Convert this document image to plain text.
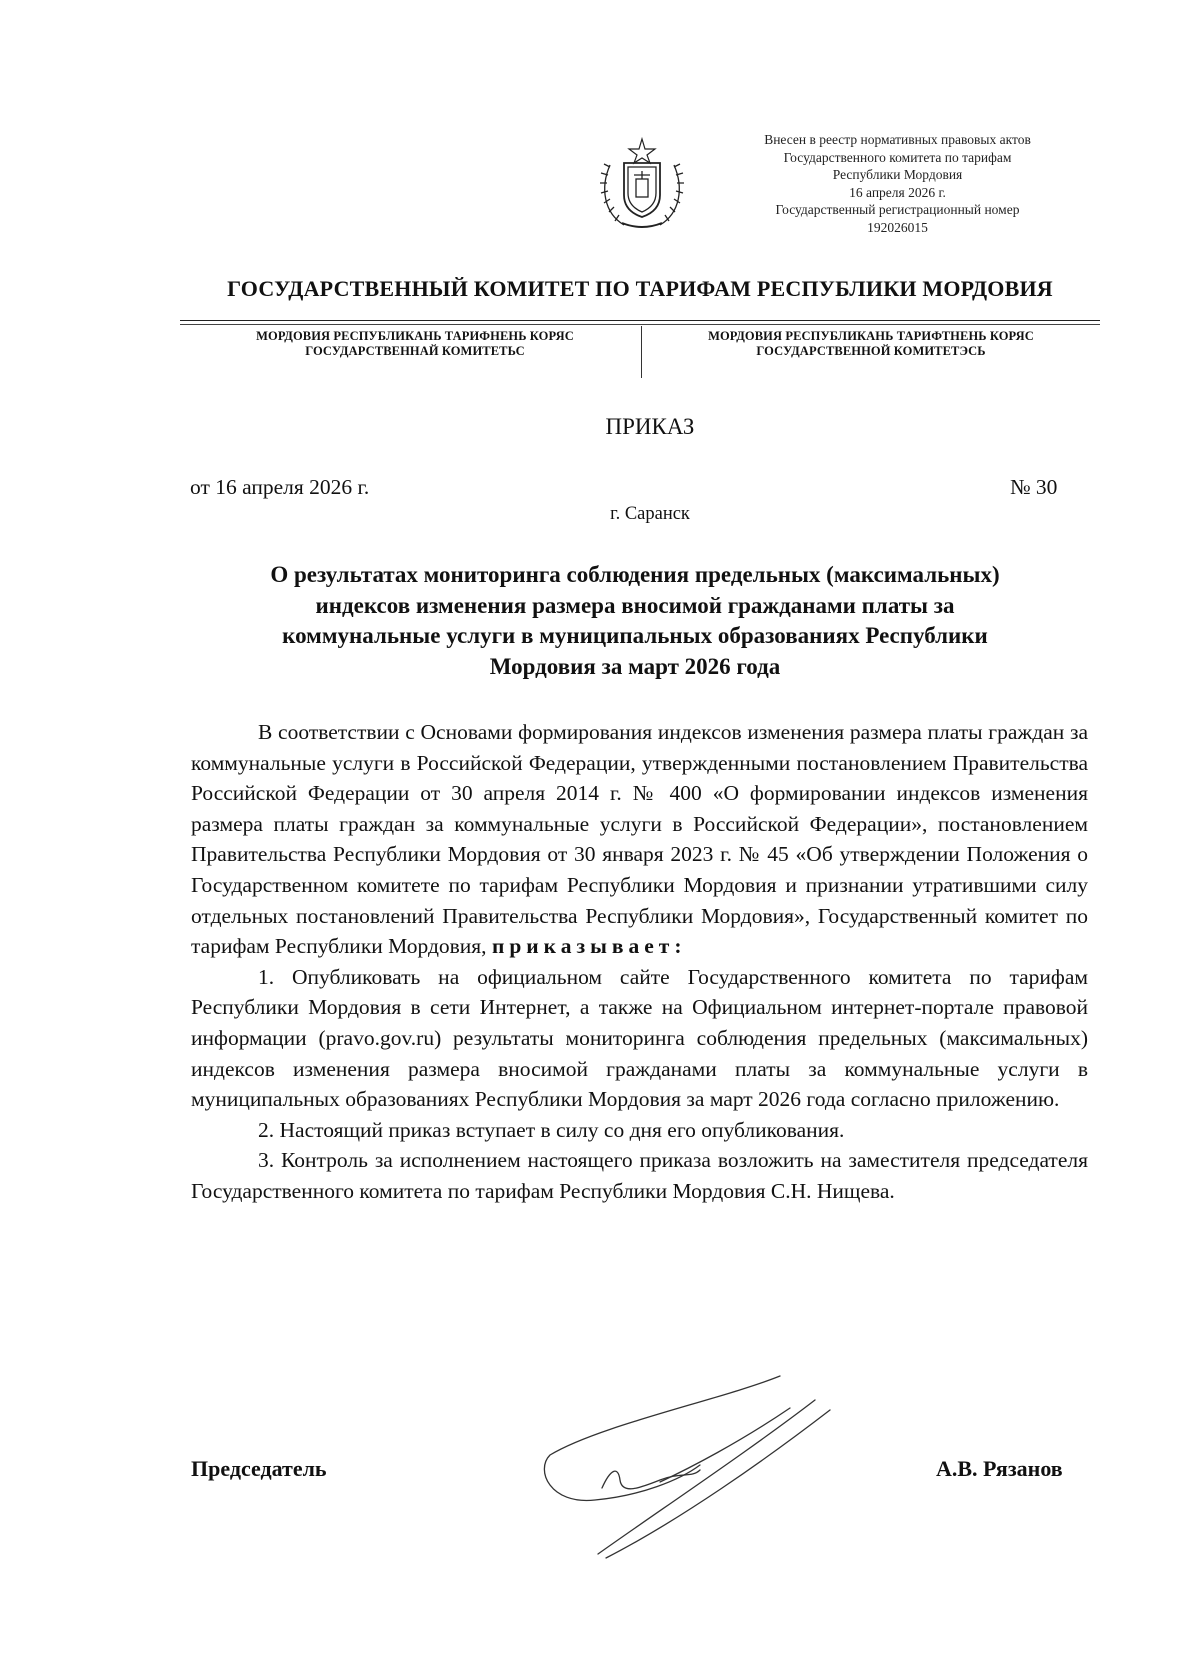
Внесен в реестр нормативных правовых актов
Государственного комитета по тарифам
Республики Мордовия
16 апреля 2026 г.
Государственный регистрационный номер
192026015
ГОСУДАРСТВЕННЫЙ КОМИТЕТ ПО ТАРИФАМ РЕСПУБЛИКИ МОРДОВИЯ
МОРДОВИЯ РЕСПУБЛИКАНЬ ТАРИФНЕНЬ КОРЯС
ГОСУДАРСТВЕННАЙ КОМИТЕТЬС
МОРДОВИЯ РЕСПУБЛИКАНЬ ТАРИФТНЕНЬ КОРЯС
ГОСУДАРСТВЕННОЙ КОМИТЕТЭСЬ
ПРИКАЗ
от 16 апреля 2026 г.	№ 30
г. Саранск
О результатах мониторинга соблюдения предельных (максимальных)
индексов изменения размера вносимой гражданами платы за
коммунальные услуги в муниципальных образованиях Республики
Мордовия за март 2026 года

В соответствии с Основами формирования индексов изменения размера платы граждан за коммунальные услуги в Российской Федерации, утвержденными постановлением Правительства Российской Федерации от 30 апреля 2014 г. № 400 «О формировании индексов изменения размера платы граждан за коммунальные услуги в Российской Федерации», постановлением Правительства Республики Мордовия от 30 января 2023 г. № 45 «Об утверждении Положения о Государственном комитете по тарифам Республики Мордовия и признании утратившими силу отдельных постановлений Правительства Республики Мордовия», Государственный комитет по тарифам Республики Мордовия, приказывает:

1. Опубликовать на официальном сайте Государственного комитета по тарифам Республики Мордовия в сети Интернет, а также на Официальном интернет-портале правовой информации (pravo.gov.ru) результаты мониторинга соблюдения предельных (максимальных) индексов изменения размера вносимой гражданами платы за коммунальные услуги в муниципальных образованиях Республики Мордовия за март 2026 года согласно приложению.

2. Настоящий приказ вступает в силу со дня его опубликования.

3. Контроль за исполнением настоящего приказа возложить на заместителя председателя Государственного комитета по тарифам Республики Мордовия С.Н. Нищева.

Председатель	А.В. Рязанов
